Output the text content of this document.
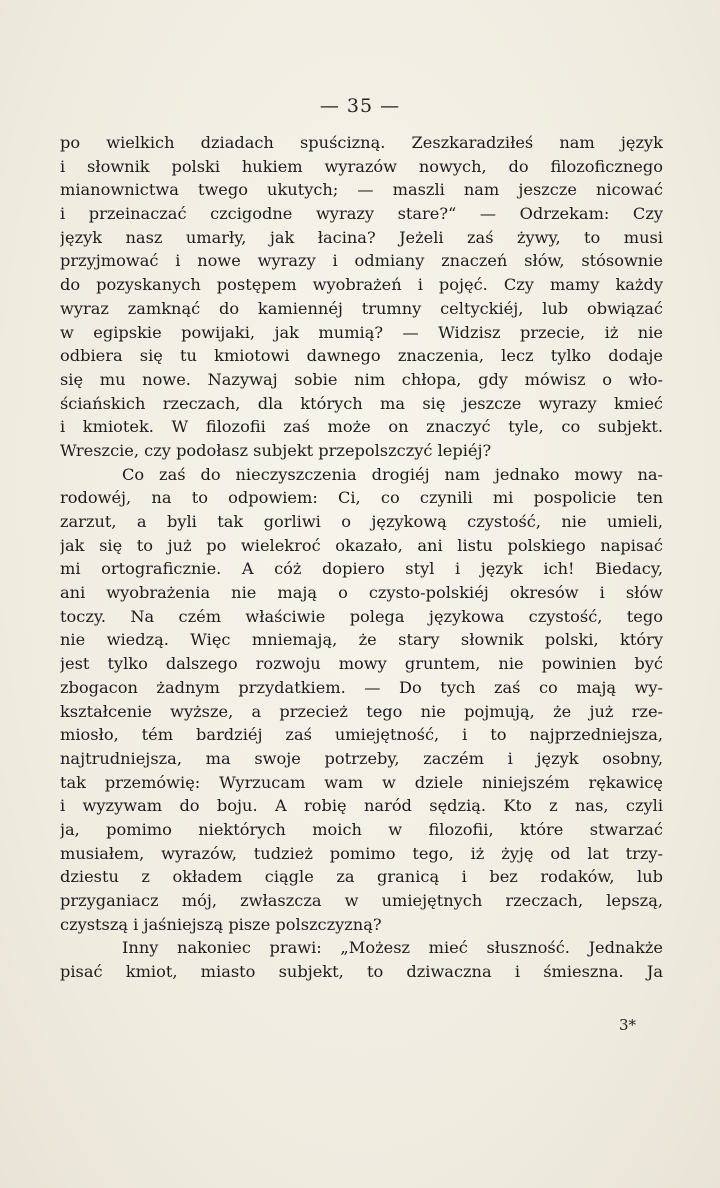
— 35 —
po wielkich dziadach spuścizną. Zeszkaradziłeś nam język
i słownik polski hukiem wyrazów nowych, do filozoficznego
mianownictwa twego ukutych; — maszli nam jeszcze nicować
i przeinaczać czcigodne wyrazy stare?“ — Odrzekam: Czy
język nasz umarły, jak łacina? Jeżeli zaś żywy, to musi
przyjmować i nowe wyrazy i odmiany znaczeń słów, stósownie
do pozyskanych postępem wyobrażeń i pojęć. Czy mamy każdy
wyraz zamknąć do kamiennéj trumny celtyckiéj, lub obwiązać
w egipskie powijaki, jak mumią? — Widzisz przecie, iż nie
odbiera się tu kmiotowi dawnego znaczenia, lecz tylko dodaje
się mu nowe. Nazywaj sobie nim chłopa, gdy mówisz o wło-
ściańskich rzeczach, dla których ma się jeszcze wyrazy kmieć
i kmiotek. W filozofii zaś może on znaczyć tyle, co subjekt.
Wreszcie, czy podołasz subjekt przepolszczyć lepiéj?
Co zaś do nieczyszczenia drogiéj nam jednako mowy na-
rodowéj, na to odpowiem: Ci, co czynili mi pospolicie ten
zarzut, a byli tak gorliwi o językową czystość, nie umieli,
jak się to już po wielekroć okazało, ani listu polskiego napisać
mi ortograficznie. A cóż dopiero styl i język ich! Biedacy,
ani wyobrażenia nie mają o czysto-polskiéj okresów i słów
toczy. Na czém właściwie polega językowa czystość, tego
nie wiedzą. Więc mniemają, że stary słownik polski, który
jest tylko dalszego rozwoju mowy gruntem, nie powinien być
zbogacon żadnym przydatkiem. — Do tych zaś co mają wy-
kształcenie wyższe, a przecież tego nie pojmują, że już rze-
miosło, tém bardziéj zaś umiejętność, i to najprzedniejsza,
najtrudniejsza, ma swoje potrzeby, zaczém i język osobny,
tak przemówię: Wyrzucam wam w dziele niniejszém rękawicę
i wyzywam do boju. A robię naród sędzią. Kto z nas, czyli
ja, pomimo niektórych moich w filozofii, które stwarzać
musiałem, wyrazów, tudzież pomimo tego, iż żyję od lat trzy-
dziestu z okładem ciągle za granicą i bez rodaków, lub
przyganiacz mój, zwłaszcza w umiejętnych rzeczach, lepszą,
czystszą i jaśniejszą pisze polszczyzną?
Inny nakoniec prawi: „Możesz mieć słuszność. Jednakże
pisać kmiot, miasto subjekt, to dziwaczna i śmieszna. Ja
3*
